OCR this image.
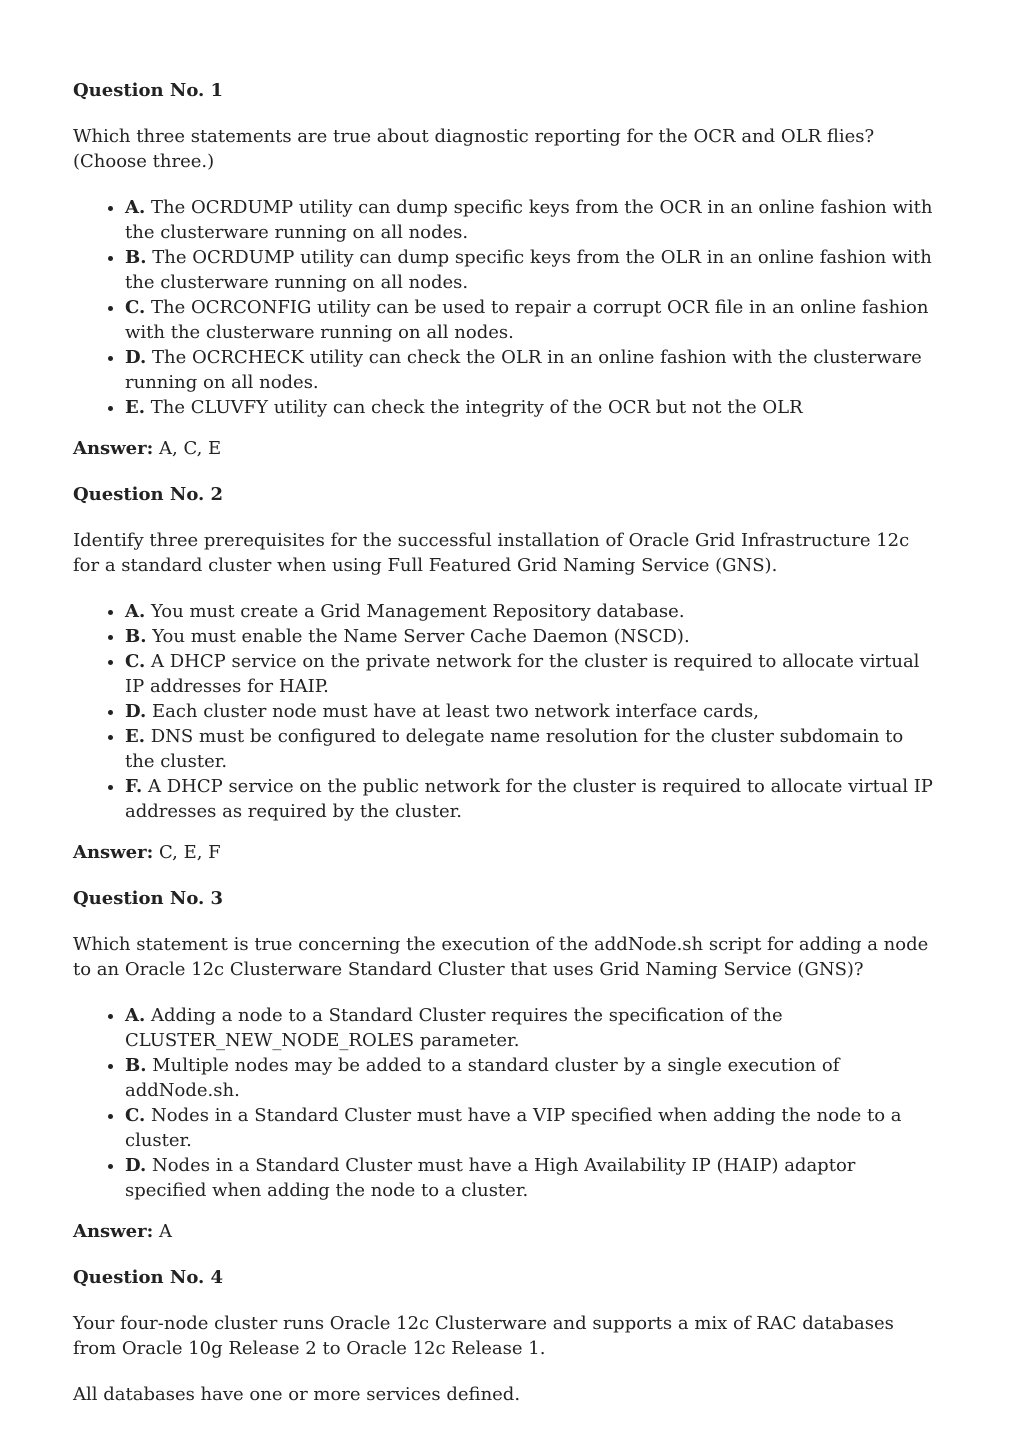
Question No. 1

Which three statements are true about diagnostic reporting for the OCR and OLR flies? (Choose three.)

• A. The OCRDUMP utility can dump specific keys from the OCR in an online fashion with the clusterware running on all nodes.
• B. The OCRDUMP utility can dump specific keys from the OLR in an online fashion with the clusterware running on all nodes.
• C. The OCRCONFIG utility can be used to repair a corrupt OCR file in an online fashion with the clusterware running on all nodes.
• D. The OCRCHECK utility can check the OLR in an online fashion with the clusterware running on all nodes.
• E. The CLUVFY utility can check the integrity of the OCR but not the OLR

Answer: A, C, E

Question No. 2

Identify three prerequisites for the successful installation of Oracle Grid Infrastructure 12c for a standard cluster when using Full Featured Grid Naming Service (GNS).

• A. You must create a Grid Management Repository database.
• B. You must enable the Name Server Cache Daemon (NSCD).
• C. A DHCP service on the private network for the cluster is required to allocate virtual IP addresses for HAIP.
• D. Each cluster node must have at least two network interface cards,
• E. DNS must be configured to delegate name resolution for the cluster subdomain to the cluster.
• F. A DHCP service on the public network for the cluster is required to allocate virtual IP addresses as required by the cluster.

Answer: C, E, F

Question No. 3

Which statement is true concerning the execution of the addNode.sh script for adding a node to an Oracle 12c Clusterware Standard Cluster that uses Grid Naming Service (GNS)?

• A. Adding a node to a Standard Cluster requires the specification of the CLUSTER_NEW_NODE_ROLES parameter.
• B. Multiple nodes may be added to a standard cluster by a single execution of addNode.sh.
• C. Nodes in a Standard Cluster must have a VIP specified when adding the node to a cluster.
• D. Nodes in a Standard Cluster must have a High Availability IP (HAIP) adaptor specified when adding the node to a cluster.

Answer: A

Question No. 4

Your four-node cluster runs Oracle 12c Clusterware and supports a mix of RAC databases from Oracle 10g Release 2 to Oracle 12c Release 1.

All databases have one or more services defined.
